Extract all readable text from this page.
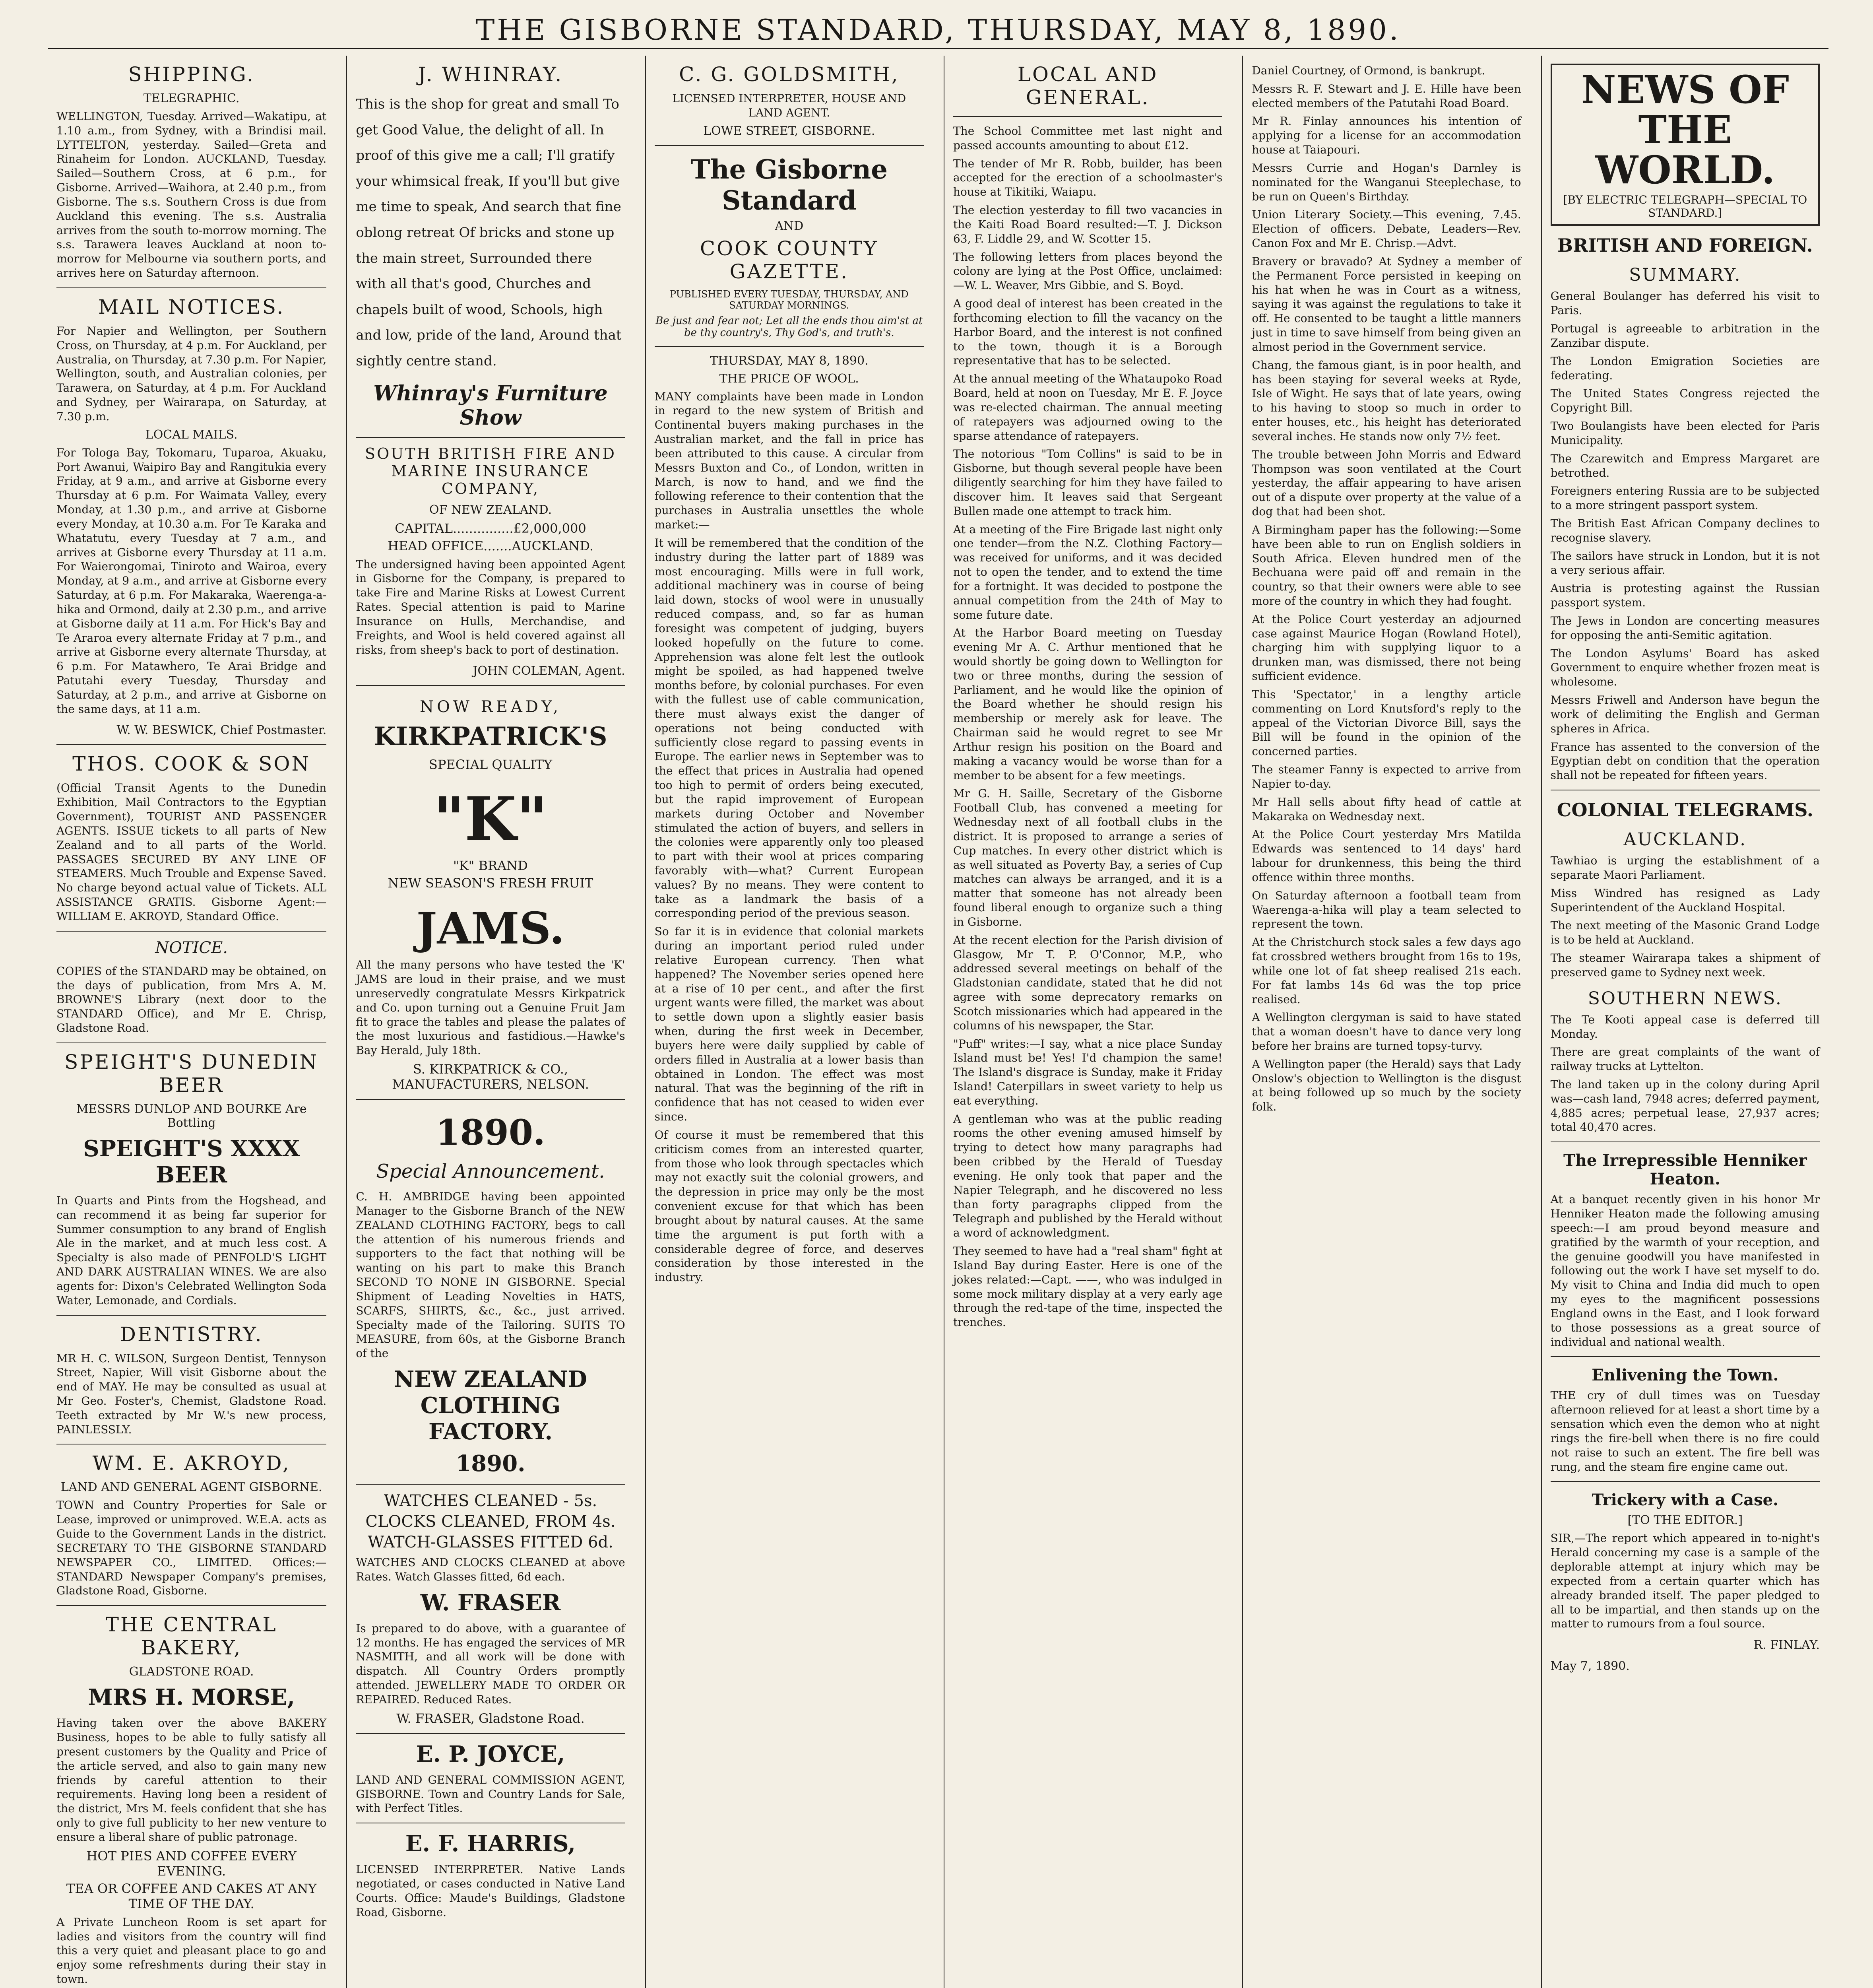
THE GISBORNE STANDARD, THURSDAY, MAY 8, 1890.
SHIPPING.
TELEGRAPHIC.

WELLINGTON, Tuesday. Arrived—Wakatipu, at 1.10 a.m., from Sydney, with a Brindisi mail. LYTTELTON, yesterday. Sailed—Greta and Rinaheim for London. AUCKLAND, Tuesday. Sailed—Southern Cross, at 6 p.m., for Gisborne. Arrived—Waihora, at 2.40 p.m., from Gisborne. The s.s. Southern Cross is due from Auckland this evening. The s.s. Australia arrives from the south to-morrow morning. The s.s. Tarawera leaves Auckland at noon to-morrow for Melbourne via southern ports, and arrives here on Saturday afternoon.

MAIL NOTICES.

For Napier and Wellington, per Southern Cross, on Thursday, at 4 p.m. For Auckland, per Australia, on Thursday, at 7.30 p.m. For Napier, Wellington, south, and Australian colonies, per Tarawera, on Saturday, at 4 p.m. For Auckland and Sydney, per Wairarapa, on Saturday, at 7.30 p.m.

LOCAL MAILS.

For Tologa Bay, Tokomaru, Tuparoa, Akuaku, Port Awanui, Waipiro Bay and Rangitukia every Friday, at 9 a.m., and arrive at Gisborne every Thursday at 6 p.m. For Waimata Valley, every Monday, at 1.30 p.m., and arrive at Gisborne every Monday, at 10.30 a.m. For Te Karaka and Whatatutu, every Tuesday at 7 a.m., and arrives at Gisborne every Thursday at 11 a.m. For Waierongomai, Tiniroto and Wairoa, every Monday, at 9 a.m., and arrive at Gisborne every Saturday, at 6 p.m. For Makaraka, Waerenga-a-hika and Ormond, daily at 2.30 p.m., and arrive at Gisborne daily at 11 a.m. For Hick's Bay and Te Araroa every alternate Friday at 7 p.m., and arrive at Gisborne every alternate Thursday, at 6 p.m. For Matawhero, Te Arai Bridge and Patutahi every Tuesday, Thursday and Saturday, at 2 p.m., and arrive at Gisborne on the same days, at 11 a.m.

W. W. BESWICK, Chief Postmaster.
THOS. COOK & SON

(Official Transit Agents to the Dunedin Exhibition, Mail Contractors to the Egyptian Government), TOURIST AND PASSENGER AGENTS. ISSUE tickets to all parts of New Zealand and to all parts of the World. PASSAGES SECURED BY ANY LINE OF STEAMERS. Much Trouble and Expense Saved. No charge beyond actual value of Tickets. ALL ASSISTANCE GRATIS. Gisborne Agent:—WILLIAM E. AKROYD, Standard Office.

NOTICE.

COPIES of the STANDARD may be obtained, on the days of publication, from Mrs A. M. BROWNE'S Library (next door to the STANDARD Office), and Mr E. Chrisp, Gladstone Road.

SPEIGHT'S DUNEDIN BEER
MESSRS DUNLOP AND BOURKE Are Bottling
SPEIGHT'S XXXX BEER

In Quarts and Pints from the Hogshead, and can recommend it as being far superior for Summer consumption to any brand of English Ale in the market, and at much less cost. A Specialty is also made of PENFOLD'S LIGHT AND DARK AUSTRALIAN WINES. We are also agents for: Dixon's Celebrated Wellington Soda Water, Lemonade, and Cordials.

DENTISTRY.

MR H. C. WILSON, Surgeon Dentist, Tennyson Street, Napier, Will visit Gisborne about the end of MAY. He may be consulted as usual at Mr Geo. Foster's, Chemist, Gladstone Road. Teeth extracted by Mr W.'s new process, PAINLESSLY.

WM. E. AKROYD,
LAND AND GENERAL AGENT GISBORNE.

TOWN and Country Properties for Sale or Lease, improved or unimproved. W.E.A. acts as Guide to the Government Lands in the district. SECRETARY TO THE GISBORNE STANDARD NEWSPAPER CO., LIMITED. Offices:—STANDARD Newspaper Company's premises, Gladstone Road, Gisborne.

THE CENTRAL BAKERY,
GLADSTONE ROAD.
MRS H. MORSE,

Having taken over the above BAKERY Business, hopes to be able to fully satisfy all present customers by the Quality and Price of the article served, and also to gain many new friends by careful attention to their requirements. Having long been a resident of the district, Mrs M. feels confident that she has only to give full publicity to her new venture to ensure a liberal share of public patronage.

HOT PIES AND COFFEE EVERY EVENING.
TEA OR COFFEE AND CAKES AT ANY TIME OF THE DAY.

A Private Luncheon Room is set apart for ladies and visitors from the country will find this a very quiet and pleasant place to go and enjoy some refreshments during their stay in town.

J. WHINRAY.

This is the shop for great and small To get Good Value, the delight of all. In proof of this give me a call; I'll gratify your whimsical freak, If you'll but give me time to speak, And search that fine oblong retreat Of bricks and stone up the main street, Surrounded there with all that's good, Churches and chapels built of wood, Schools, high and low, pride of the land, Around that sightly centre stand.

Whinray's Furniture Show
SOUTH BRITISH FIRE AND MARINE INSURANCE COMPANY,
OF NEW ZEALAND.
CAPITAL...............£2,000,000
HEAD OFFICE.......AUCKLAND.

The undersigned having been appointed Agent in Gisborne for the Company, is prepared to take Fire and Marine Risks at Lowest Current Rates. Special attention is paid to Marine Insurance on Hulls, Merchandise, and Freights, and Wool is held covered against all risks, from sheep's back to port of destination.

JOHN COLEMAN, Agent.
NOW READY,
KIRKPATRICK'S
SPECIAL QUALITY
"K"
"K" BRAND
NEW SEASON'S FRESH FRUIT
JAMS.

All the many persons who have tested the 'K' JAMS are loud in their praise, and we must unreservedly congratulate Messrs Kirkpatrick and Co. upon turning out a Genuine Fruit Jam fit to grace the tables and please the palates of the most luxurious and fastidious.—Hawke's Bay Herald, July 18th.

S. KIRKPATRICK & CO., MANUFACTURERS, NELSON.
1890.
Special Announcement.

C. H. AMBRIDGE having been appointed Manager to the Gisborne Branch of the NEW ZEALAND CLOTHING FACTORY, begs to call the attention of his numerous friends and supporters to the fact that nothing will be wanting on his part to make this Branch SECOND TO NONE IN GISBORNE. Special Shipment of Leading Novelties in HATS, SCARFS, SHIRTS, &c., &c., just arrived. Specialty made of the Tailoring. SUITS TO MEASURE, from 60s, at the Gisborne Branch of the

NEW ZEALAND CLOTHING FACTORY.
1890.
WATCHES CLEANED - 5s.
CLOCKS CLEANED, FROM 4s.
WATCH-GLASSES FITTED 6d.

WATCHES AND CLOCKS CLEANED at above Rates. Watch Glasses fitted, 6d each.

W. FRASER

Is prepared to do above, with a guarantee of 12 months. He has engaged the services of MR NASMITH, and all work will be done with dispatch. All Country Orders promptly attended. JEWELLERY MADE TO ORDER OR REPAIRED. Reduced Rates.

W. FRASER, Gladstone Road.
E. P. JOYCE,

LAND AND GENERAL COMMISSION AGENT, GISBORNE. Town and Country Lands for Sale, with Perfect Titles.

E. F. HARRIS,

LICENSED INTERPRETER. Native Lands negotiated, or cases conducted in Native Land Courts. Office: Maude's Buildings, Gladstone Road, Gisborne.

C. G. GOLDSMITH,

LICENSED INTERPRETER, HOUSE AND LAND AGENT.

LOWE STREET, GISBORNE.
The Gisborne Standard
AND
COOK COUNTY GAZETTE.
PUBLISHED EVERY TUESDAY, THURSDAY, AND SATURDAY MORNINGS.
Be just and fear not; Let all the ends thou aim'st at be thy country's, Thy God's, and truth's.
THURSDAY, MAY 8, 1890.
THE PRICE OF WOOL.

MANY complaints have been made in London in regard to the new system of British and Continental buyers making purchases in the Australian market, and the fall in price has been attributed to this cause. A circular from Messrs Buxton and Co., of London, written in March, is now to hand, and we find the following reference to their contention that the purchases in Australia unsettles the whole market:—

It will be remembered that the condition of the industry during the latter part of 1889 was most encouraging. Mills were in full work, additional machinery was in course of being laid down, stocks of wool were in unusually reduced compass, and, so far as human foresight was competent of judging, buyers looked hopefully on the future to come. Apprehension was alone felt lest the outlook might be spoiled, as had happened twelve months before, by colonial purchases. For even with the fullest use of cable communication, there must always exist the danger of operations not being conducted with sufficiently close regard to passing events in Europe. The earlier news in September was to the effect that prices in Australia had opened too high to permit of orders being executed, but the rapid improvement of European markets during October and November stimulated the action of buyers, and sellers in the colonies were apparently only too pleased to part with their wool at prices comparing favorably with—what? Current European values? By no means. They were content to take as a landmark the basis of a corresponding period of the previous season.

So far it is in evidence that colonial markets during an important period ruled under relative European currency. Then what happened? The November series opened here at a rise of 10 per cent., and after the first urgent wants were filled, the market was about to settle down upon a slightly easier basis when, during the first week in December, buyers here were daily supplied by cable of orders filled in Australia at a lower basis than obtained in London. The effect was most natural. That was the beginning of the rift in confidence that has not ceased to widen ever since.

Of course it must be remembered that this criticism comes from an interested quarter, from those who look through spectacles which may not exactly suit the colonial growers, and the depression in price may only be the most convenient excuse for that which has been brought about by natural causes. At the same time the argument is put forth with a considerable degree of force, and deserves consideration by those interested in the industry.

LOCAL AND GENERAL.

The School Committee met last night and passed accounts amounting to about £12.

The tender of Mr R. Robb, builder, has been accepted for the erection of a schoolmaster's house at Tikitiki, Waiapu.

The election yesterday to fill two vacancies in the Kaiti Road Board resulted:—T. J. Dickson 63, F. Liddle 29, and W. Scotter 15.

The following letters from places beyond the colony are lying at the Post Office, unclaimed:—W. L. Weaver, Mrs Gibbie, and S. Boyd.

A good deal of interest has been created in the forthcoming election to fill the vacancy on the Harbor Board, and the interest is not confined to the town, though it is a Borough representative that has to be selected.

At the annual meeting of the Whataupoko Road Board, held at noon on Tuesday, Mr E. F. Joyce was re-elected chairman. The annual meeting of ratepayers was adjourned owing to the sparse attendance of ratepayers.

The notorious "Tom Collins" is said to be in Gisborne, but though several people have been diligently searching for him they have failed to discover him. It leaves said that Sergeant Bullen made one attempt to track him.

At a meeting of the Fire Brigade last night only one tender—from the N.Z. Clothing Factory—was received for uniforms, and it was decided not to open the tender, and to extend the time for a fortnight. It was decided to postpone the annual competition from the 24th of May to some future date.

At the Harbor Board meeting on Tuesday evening Mr A. C. Arthur mentioned that he would shortly be going down to Wellington for two or three months, during the session of Parliament, and he would like the opinion of the Board whether he should resign his membership or merely ask for leave. The Chairman said he would regret to see Mr Arthur resign his position on the Board and making a vacancy would be worse than for a member to be absent for a few meetings.

Mr G. H. Saille, Secretary of the Gisborne Football Club, has convened a meeting for Wednesday next of all football clubs in the district. It is proposed to arrange a series of Cup matches. In every other district which is as well situated as Poverty Bay, a series of Cup matches can always be arranged, and it is a matter that someone has not already been found liberal enough to organize such a thing in Gisborne.

At the recent election for the Parish division of Glasgow, Mr T. P. O'Connor, M.P., who addressed several meetings on behalf of the Gladstonian candidate, stated that he did not agree with some deprecatory remarks on Scotch missionaries which had appeared in the columns of his newspaper, the Star.

"Puff" writes:—I say, what a nice place Sunday Island must be! Yes! I'd champion the same! The Island's disgrace is Sunday, make it Friday Island! Caterpillars in sweet variety to help us eat everything.

A gentleman who was at the public reading rooms the other evening amused himself by trying to detect how many paragraphs had been cribbed by the Herald of Tuesday evening. He only took that paper and the Napier Telegraph, and he discovered no less than forty paragraphs clipped from the Telegraph and published by the Herald without a word of acknowledgment.

They seemed to have had a "real sham" fight at Island Bay during Easter. Here is one of the jokes related:—Capt. ——, who was indulged in some mock military display at a very early age through the red-tape of the time, inspected the trenches.

Daniel Courtney, of Ormond, is bankrupt.

Messrs R. F. Stewart and J. E. Hille have been elected members of the Patutahi Road Board.

Mr R. Finlay announces his intention of applying for a license for an accommodation house at Taiapouri.

Messrs Currie and Hogan's Darnley is nominated for the Wanganui Steeplechase, to be run on Queen's Birthday.

Union Literary Society.—This evening, 7.45. Election of officers. Debate, Leaders—Rev. Canon Fox and Mr E. Chrisp.—Advt.

Bravery or bravado? At Sydney a member of the Permanent Force persisted in keeping on his hat when he was in Court as a witness, saying it was against the regulations to take it off. He consented to be taught a little manners just in time to save himself from being given an almost period in the Government service.

Chang, the famous giant, is in poor health, and has been staying for several weeks at Ryde, Isle of Wight. He says that of late years, owing to his having to stoop so much in order to enter houses, etc., his height has deteriorated several inches. He stands now only 7½ feet.

The trouble between John Morris and Edward Thompson was soon ventilated at the Court yesterday, the affair appearing to have arisen out of a dispute over property at the value of a dog that had been shot.

A Birmingham paper has the following:—Some have been able to run on English soldiers in South Africa. Eleven hundred men of the Bechuana were paid off and remain in the country, so that their owners were able to see more of the country in which they had fought.

At the Police Court yesterday an adjourned case against Maurice Hogan (Rowland Hotel), charging him with supplying liquor to a drunken man, was dismissed, there not being sufficient evidence.

This 'Spectator,' in a lengthy article commenting on Lord Knutsford's reply to the appeal of the Victorian Divorce Bill, says the Bill will be found in the opinion of the concerned parties.

The steamer Fanny is expected to arrive from Napier to-day.

Mr Hall sells about fifty head of cattle at Makaraka on Wednesday next.

At the Police Court yesterday Mrs Matilda Edwards was sentenced to 14 days' hard labour for drunkenness, this being the third offence within three months.

On Saturday afternoon a football team from Waerenga-a-hika will play a team selected to represent the town.

At the Christchurch stock sales a few days ago fat crossbred wethers brought from 16s to 19s, while one lot of fat sheep realised 21s each. For fat lambs 14s 6d was the top price realised.

A Wellington clergyman is said to have stated that a woman doesn't have to dance very long before her brains are turned topsy-turvy.

A Wellington paper (the Herald) says that Lady Onslow's objection to Wellington is the disgust at being followed up so much by the society folk.

NEWS OF THE WORLD.
[BY ELECTRIC TELEGRAPH—SPECIAL TO STANDARD.]
BRITISH AND FOREIGN.
SUMMARY.

General Boulanger has deferred his visit to Paris.

Portugal is agreeable to arbitration in the Zanzibar dispute.

The London Emigration Societies are federating.

The United States Congress rejected the Copyright Bill.

Two Boulangists have been elected for Paris Municipality.

The Czarewitch and Empress Margaret are betrothed.

Foreigners entering Russia are to be subjected to a more stringent passport system.

The British East African Company declines to recognise slavery.

The sailors have struck in London, but it is not a very serious affair.

Austria is protesting against the Russian passport system.

The Jews in London are concerting measures for opposing the anti-Semitic agitation.

The London Asylums' Board has asked Government to enquire whether frozen meat is wholesome.

Messrs Friwell and Anderson have begun the work of delimiting the English and German spheres in Africa.

France has assented to the conversion of the Egyptian debt on condition that the operation shall not be repeated for fifteen years.

COLONIAL TELEGRAMS.
AUCKLAND.

Tawhiao is urging the establishment of a separate Maori Parliament.

Miss Windred has resigned as Lady Superintendent of the Auckland Hospital.

The next meeting of the Masonic Grand Lodge is to be held at Auckland.

The steamer Wairarapa takes a shipment of preserved game to Sydney next week.

SOUTHERN NEWS.

The Te Kooti appeal case is deferred till Monday.

There are great complaints of the want of railway trucks at Lyttelton.

The land taken up in the colony during April was—cash land, 7948 acres; deferred payment, 4,885 acres; perpetual lease, 27,937 acres; total 40,470 acres.

The Irrepressible Henniker Heaton.

At a banquet recently given in his honor Mr Henniker Heaton made the following amusing speech:—I am proud beyond measure and gratified by the warmth of your reception, and the genuine goodwill you have manifested in following out the work I have set myself to do. My visit to China and India did much to open my eyes to the magnificent possessions England owns in the East, and I look forward to those possessions as a great source of individual and national wealth.

Enlivening the Town.

THE cry of dull times was on Tuesday afternoon relieved for at least a short time by a sensation which even the demon who at night rings the fire-bell when there is no fire could not raise to such an extent. The fire bell was rung, and the steam fire engine came out.

Trickery with a Case.
[TO THE EDITOR.]

SIR,—The report which appeared in to-night's Herald concerning my case is a sample of the deplorable attempt at injury which may be expected from a certain quarter which has already branded itself. The paper pledged to all to be impartial, and then stands up on the matter to rumours from a foul source.

R. FINLAY.
May 7, 1890.
